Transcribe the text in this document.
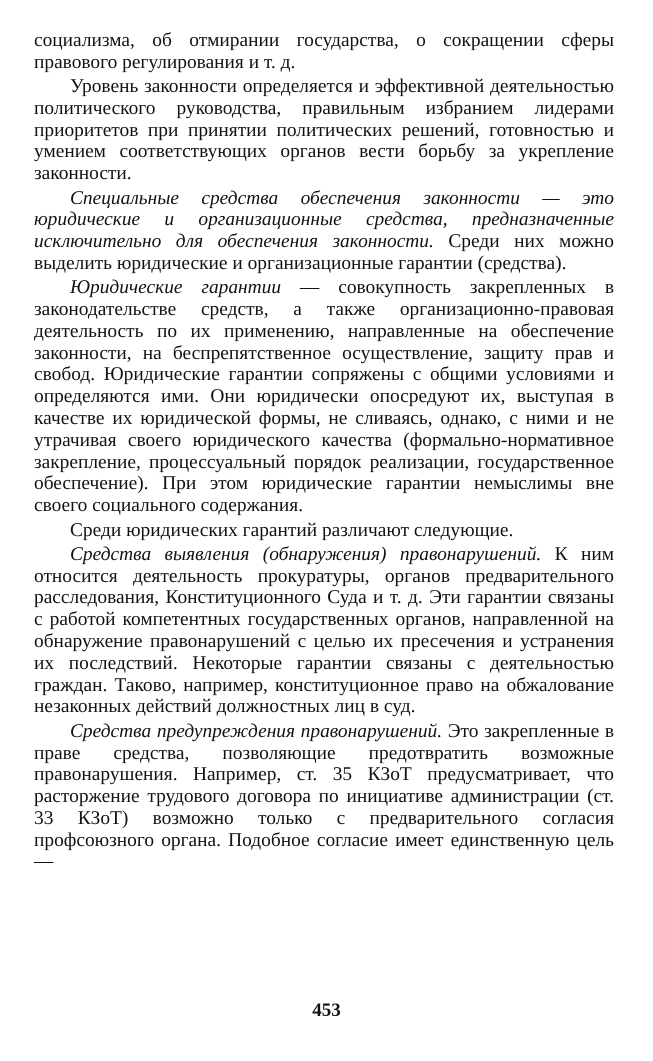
социализма, об отмирании государства, о сокращении сферы правового регулирования и т. д.

Уровень законности определяется и эффективной деятельностью политического руководства, правильным избранием лидерами приоритетов при принятии политических решений, готовностью и умением соответствующих органов вести борьбу за укрепление законности.

Специальные средства обеспечения законности — это юридические и организационные средства, предназначенные исключительно для обеспечения законности. Среди них можно выделить юридические и организационные гарантии (средства).

Юридические гарантии — совокупность закрепленных в законодательстве средств, а также организационно-правовая деятельность по их применению, направленные на обеспечение законности, на беспрепятственное осуществление, защиту прав и свобод. Юридические гарантии сопряжены с общими условиями и определяются ими. Они юридически опосредуют их, выступая в качестве их юридической формы, не сливаясь, однако, с ними и не утрачивая своего юридического качества (формально-нормативное закрепление, процессуальный порядок реализации, государственное обеспечение). При этом юридические гарантии немыслимы вне своего социального содержания.

Среди юридических гарантий различают следующие.

Средства выявления (обнаружения) правонарушений. К ним относится деятельность прокуратуры, органов предварительного расследования, Конституционного Суда и т. д. Эти гарантии связаны с работой компетентных государственных органов, направленной на обнаружение правонарушений с целью их пресечения и устранения их последствий. Некоторые гарантии связаны с деятельностью граждан. Таково, например, конституционное право на обжалование незаконных действий должностных лиц в суд.

Средства предупреждения правонарушений. Это закрепленные в праве средства, позволяющие предотвратить возможные правонарушения. Например, ст. 35 КЗоТ предусматривает, что расторжение трудового договора по инициативе администрации (ст. 33 КЗоТ) возможно только с предварительного согласия профсоюзного органа. Подобное согласие имеет единственную цель —

453
